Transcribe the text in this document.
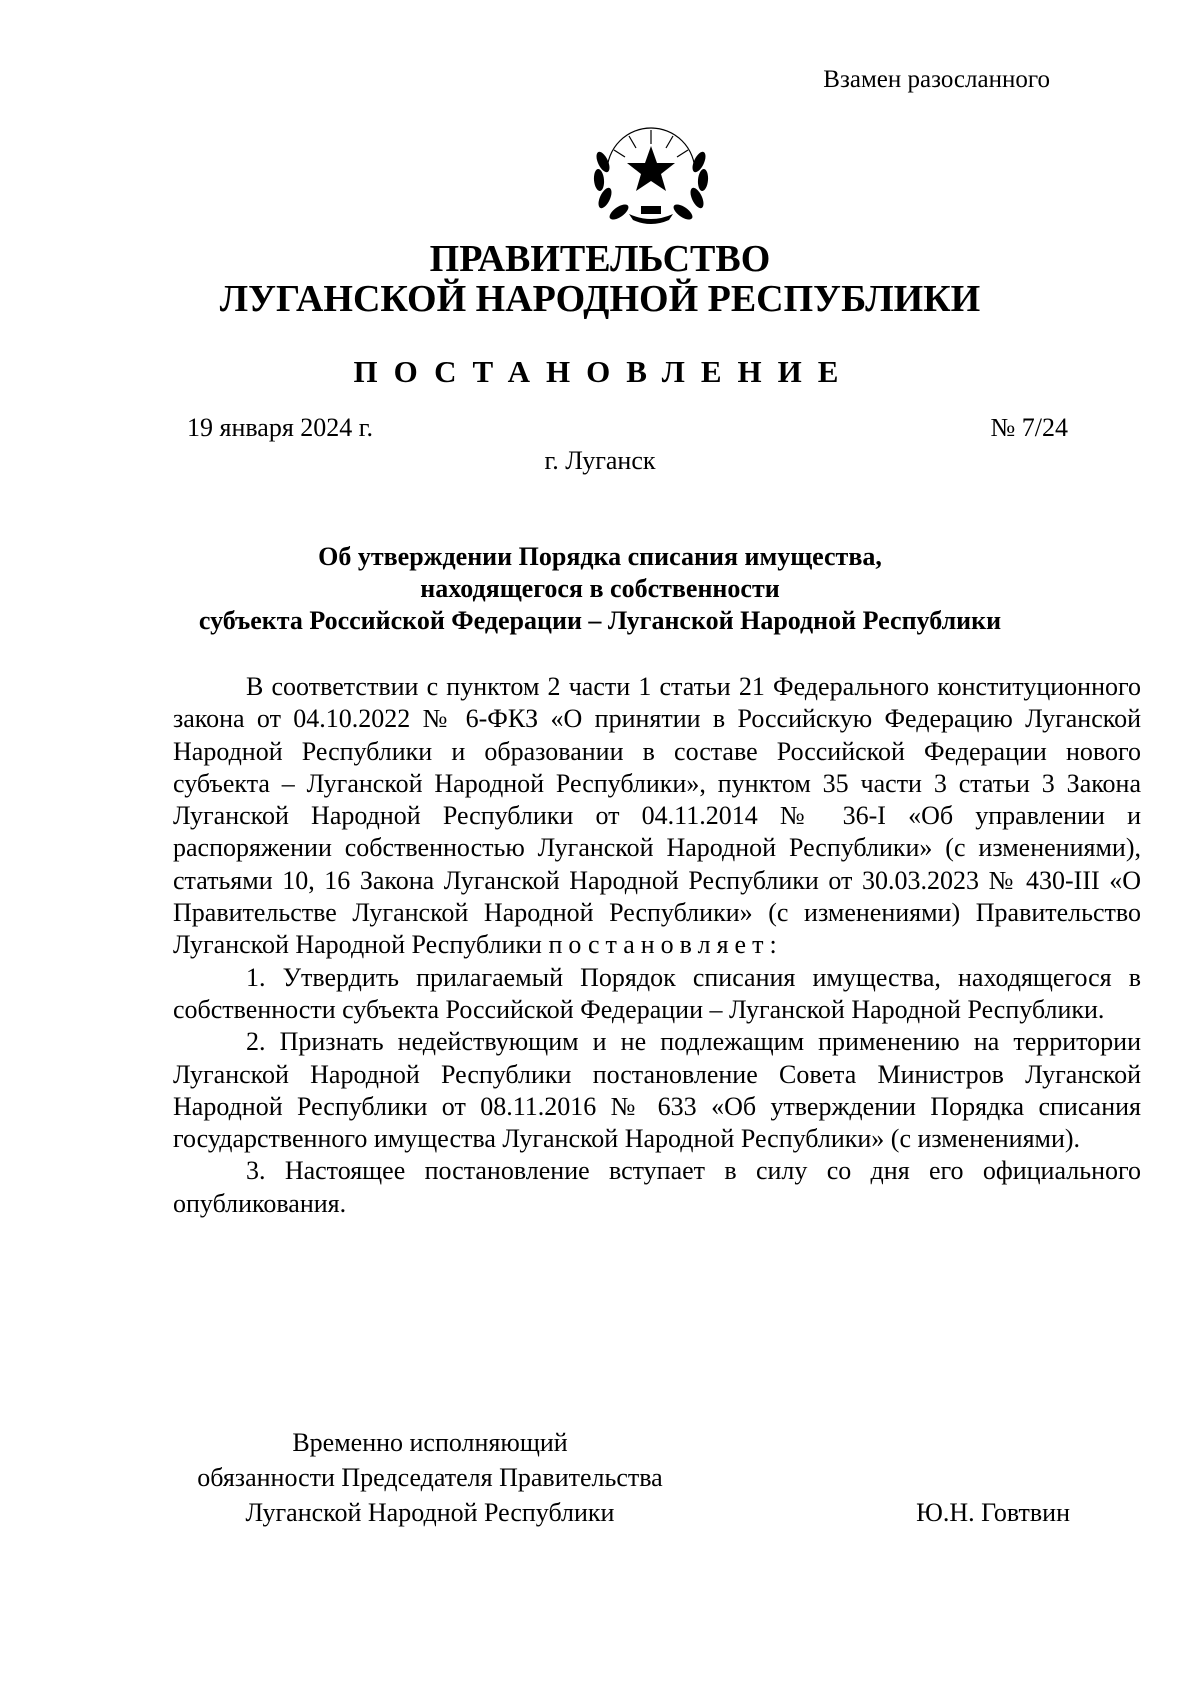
Взамен разосланного
ПРАВИТЕЛЬСТВО
ЛУГАНСКОЙ НАРОДНОЙ РЕСПУБЛИКИ
ПОСТАНОВЛЕНИЕ
19 января 2024 г.	№ 7/24
г. Луганск
Об утверждении Порядка списания имущества,
находящегося в собственности
субъекта Российской Федерации – Луганской Народной Республики

В соответствии с пунктом 2 части 1 статьи 21 Федерального конституционного закона от 04.10.2022 № 6-ФКЗ «О принятии в Российскую Федерацию Луганской Народной Республики и образовании в составе Российской Федерации нового субъекта – Луганской Народной Республики», пунктом 35 части 3 статьи 3 Закона Луганской Народной Республики от 04.11.2014 № 36-I «Об управлении и распоряжении собственностью Луганской Народной Республики» (с изменениями), статьями 10, 16 Закона Луганской Народной Республики от 30.03.2023 № 430-III «О Правительстве Луганской Народной Республики» (с изменениями) Правительство Луганской Народной Республики постановляет:

1. Утвердить прилагаемый Порядок списания имущества, находящегося в собственности субъекта Российской Федерации – Луганской Народной Республики.

2. Признать недействующим и не подлежащим применению на территории Луганской Народной Республики постановление Совета Министров Луганской Народной Республики от 08.11.2016 № 633 «Об утверждении Порядка списания государственного имущества Луганской Народной Республики» (с изменениями).

3. Настоящее постановление вступает в силу со дня его официального опубликования.

Временно исполняющий
обязанности Председателя Правительства
Луганской Народной Республики	Ю.Н. Говтвин
